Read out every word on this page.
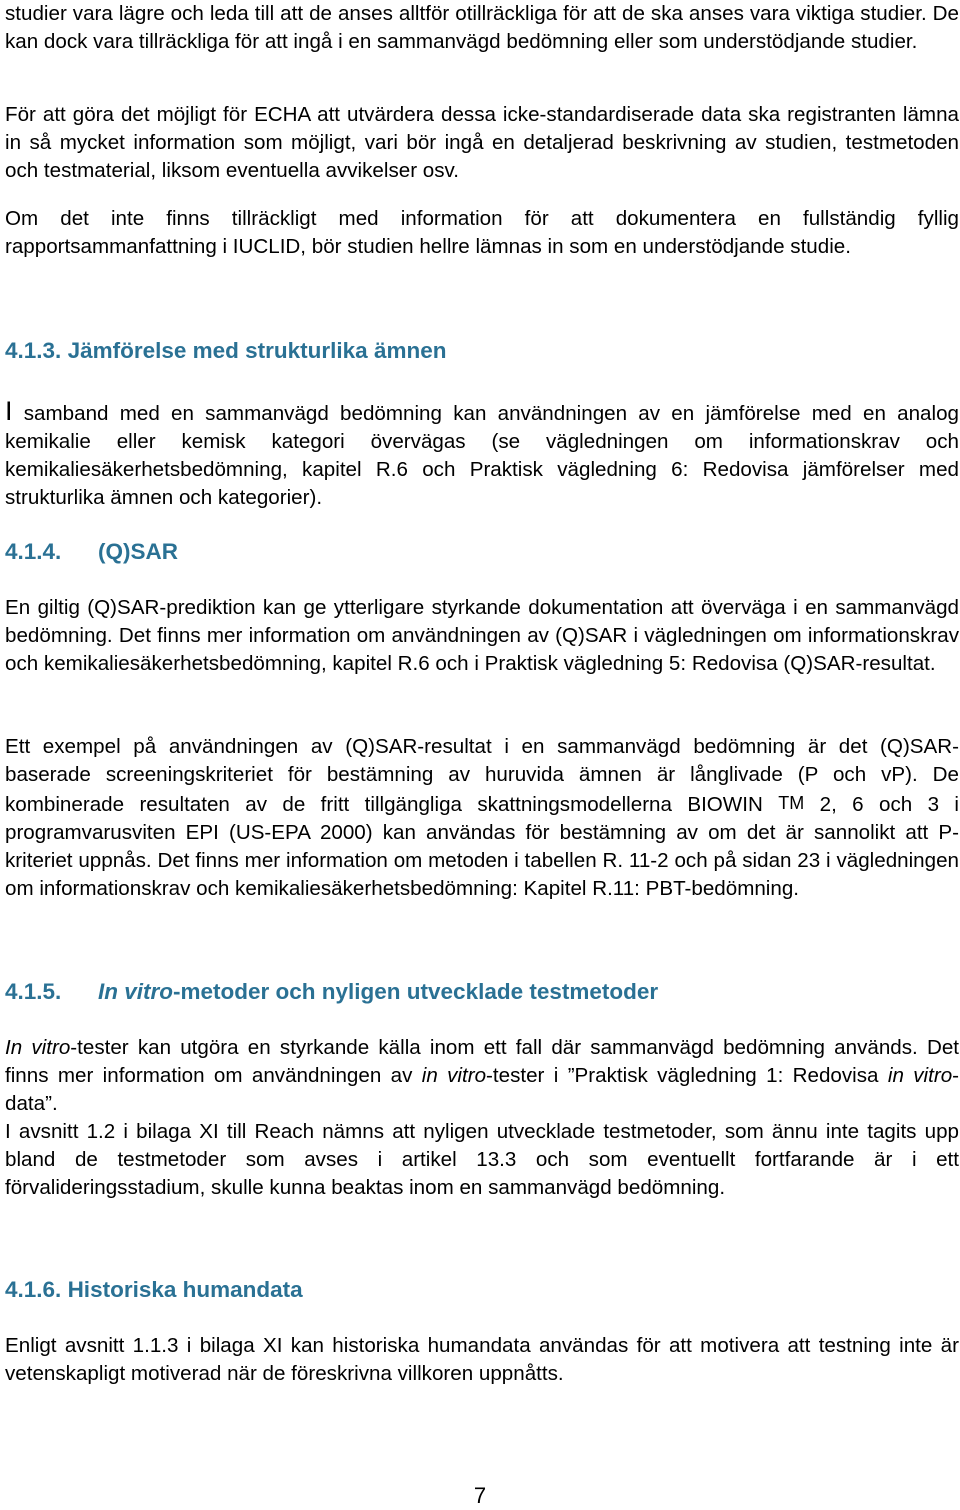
studier vara lägre och leda till att de anses alltför otillräckliga för att de ska anses vara viktiga studier. De kan dock vara tillräckliga för att ingå i en sammanvägd bedömning eller som understödjande studier.

För att göra det möjligt för ECHA att utvärdera dessa icke-standardiserade data ska registranten lämna in så mycket information som möjligt, vari bör ingå en detaljerad beskrivning av studien, testmetoden och testmaterial, liksom eventuella avvikelser osv.

Om det inte finns tillräckligt med information för att dokumentera en fullständig fyllig rapportsammanfattning i IUCLID, bör studien hellre lämnas in som en understödjande studie.

4.1.3. Jämförelse med strukturlika ämnen

I samband med en sammanvägd bedömning kan användningen av en jämförelse med en analog kemikalie eller kemisk kategori övervägas (se vägledningen om informationskrav och kemikaliesäkerhetsbedömning, kapitel R.6 och Praktisk vägledning 6: Redovisa jämförelser med strukturlika ämnen och kategorier).

4.1.4. (Q)SAR

En giltig (Q)SAR-prediktion kan ge ytterligare styrkande dokumentation att överväga i en sammanvägd bedömning. Det finns mer information om användningen av (Q)SAR i vägledningen om informationskrav och kemikaliesäkerhetsbedömning, kapitel R.6 och i Praktisk vägledning 5: Redovisa (Q)SAR-resultat.

Ett exempel på användningen av (Q)SAR-resultat i en sammanvägd bedömning är det (Q)SAR-baserade screeningskriteriet för bestämning av huruvida ämnen är långlivade (P och vP). De kombinerade resultaten av de fritt tillgängliga skattningsmodellerna BIOWIN TM 2, 6 och 3 i programvarusviten EPI (US-EPA 2000) kan användas för bestämning av om det är sannolikt att P-kriteriet uppnås. Det finns mer information om metoden i tabellen R. 11-2 och på sidan 23 i vägledningen om informationskrav och kemikaliesäkerhetsbedömning: Kapitel R.11: PBT-bedömning.

4.1.5. In vitro-metoder och nyligen utvecklade testmetoder

In vitro-tester kan utgöra en styrkande källa inom ett fall där sammanvägd bedömning används. Det finns mer information om användningen av in vitro-tester i ”Praktisk vägledning 1: Redovisa in vitro-data”.

I avsnitt 1.2 i bilaga XI till Reach nämns att nyligen utvecklade testmetoder, som ännu inte tagits upp bland de testmetoder som avses i artikel 13.3 och som eventuellt fortfarande är i ett förvalideringsstadium, skulle kunna beaktas inom en sammanvägd bedömning.

4.1.6. Historiska humandata

Enligt avsnitt 1.1.3 i bilaga XI kan historiska humandata användas för att motivera att testning inte är vetenskapligt motiverad när de föreskrivna villkoren uppnåtts.

7
